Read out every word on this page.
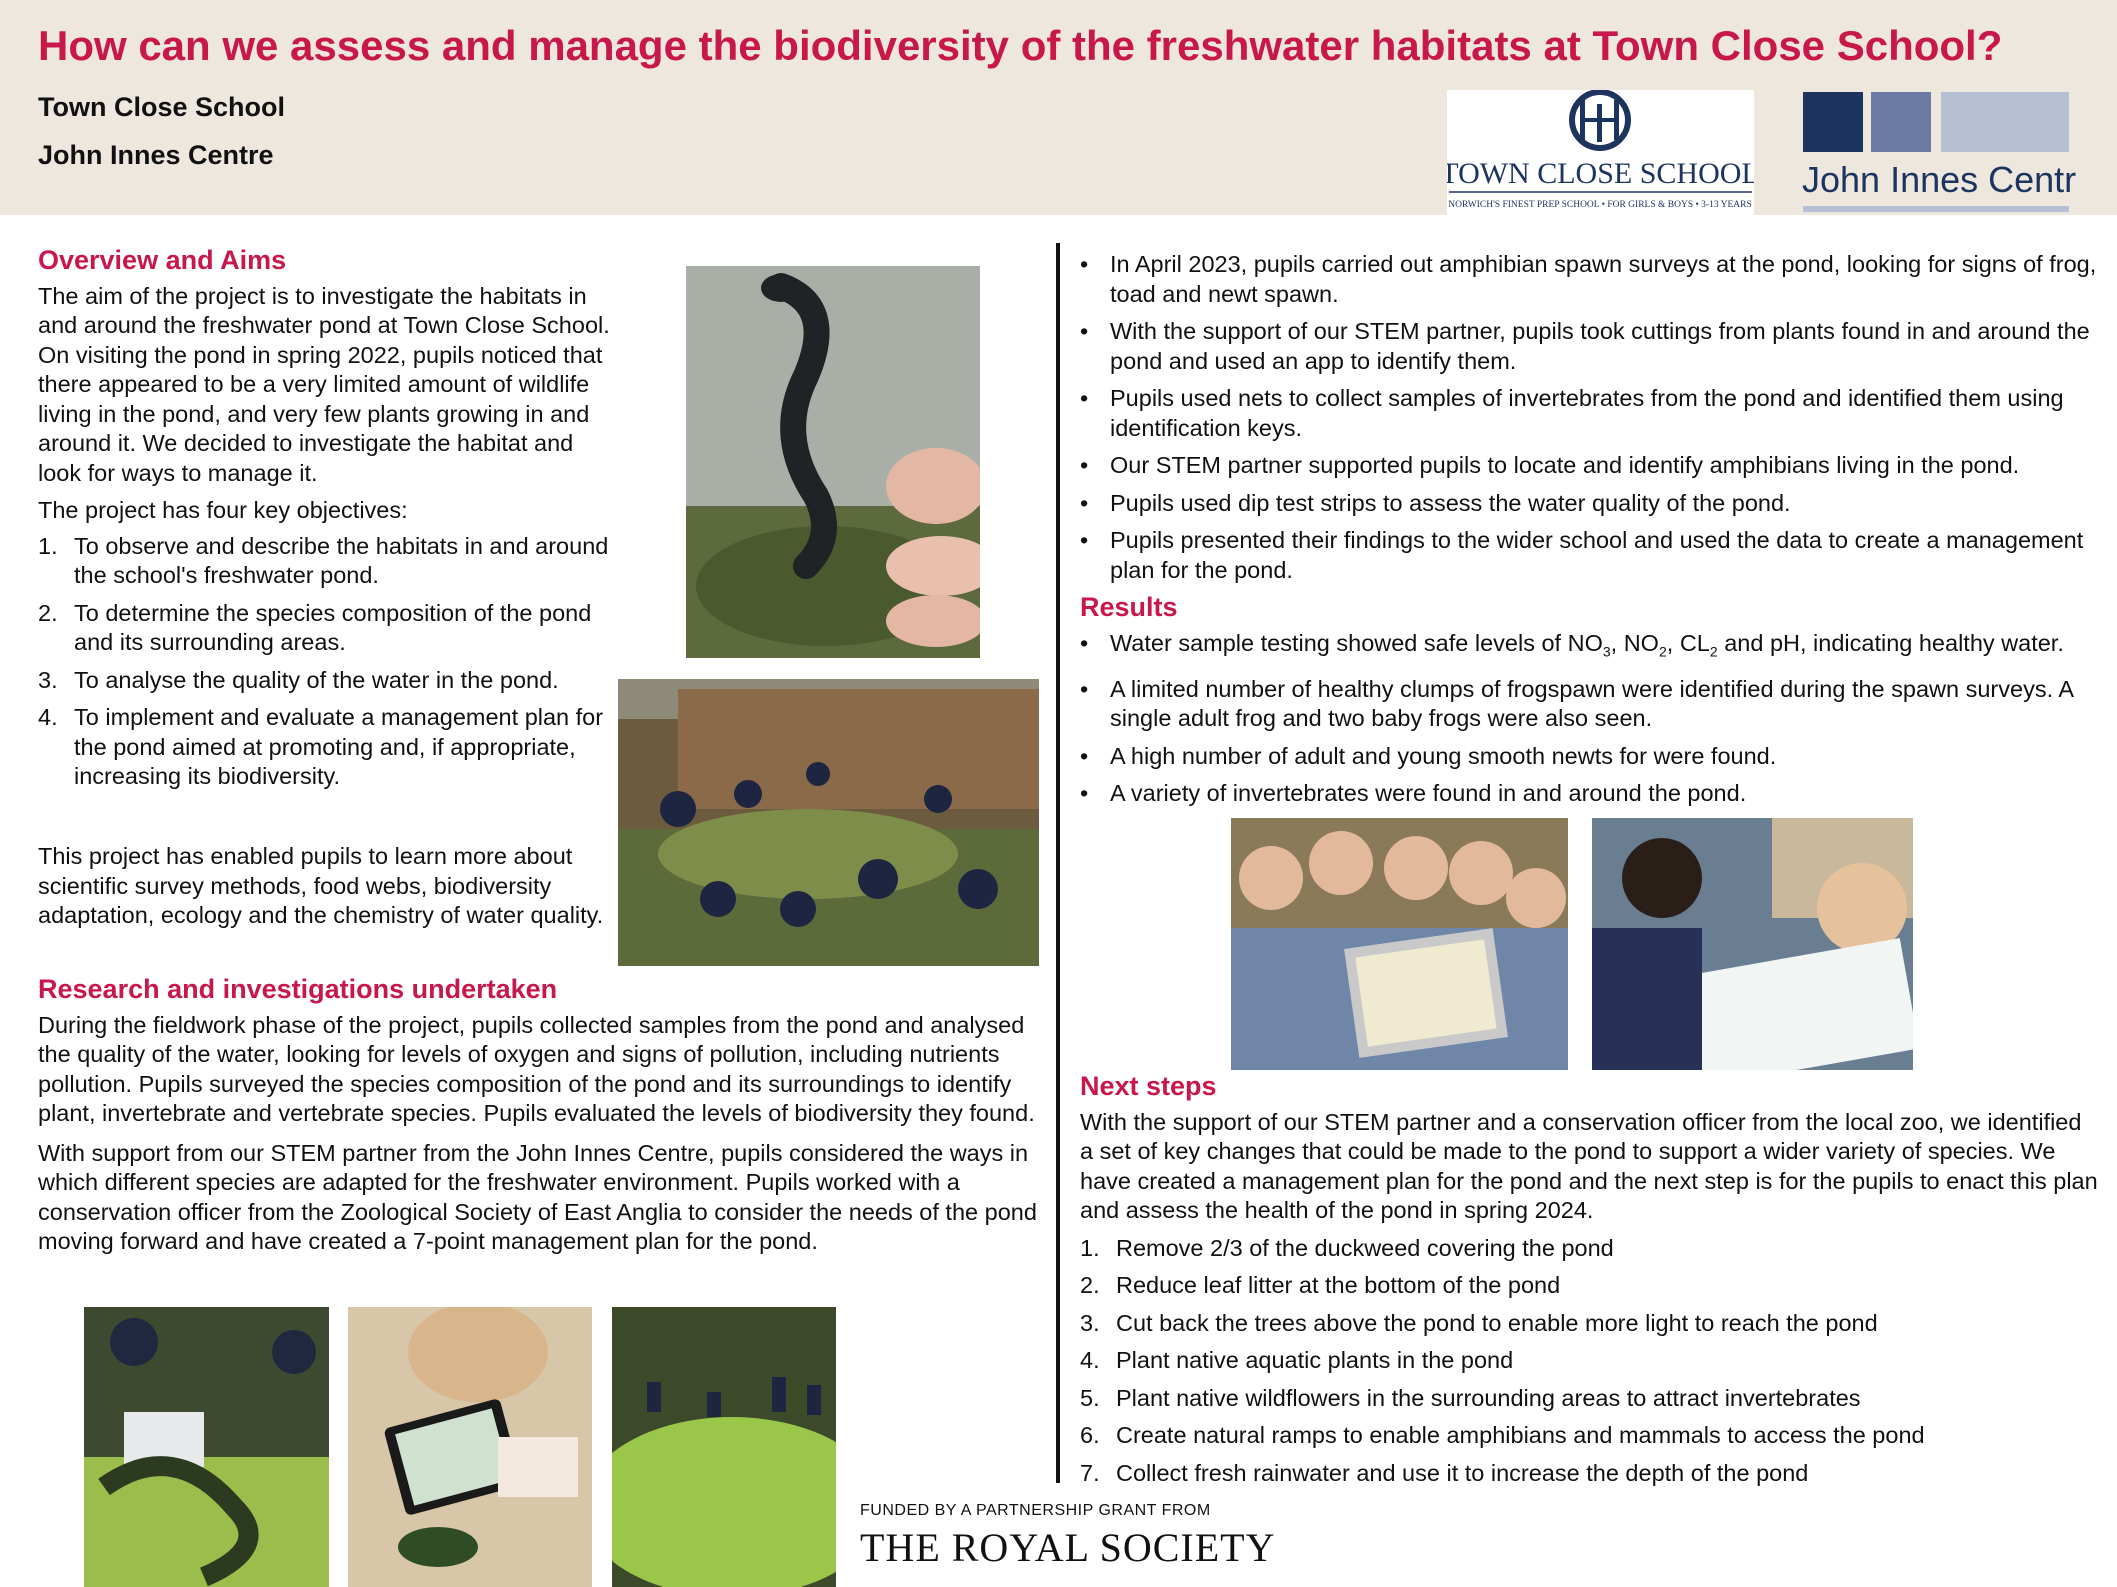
How can we assess and manage the biodiversity of the freshwater habitats at Town Close School?
Town Close School
John Innes Centre
TOWN CLOSE SCHOOL
NORWICH'S FINEST PREP SCHOOL • FOR GIRLS & BOYS • 3-13 YEARS
John Innes Centre
Overview and Aims

The aim of the project is to investigate the habitats in and around the freshwater pond at Town Close School. On visiting the pond in spring 2022, pupils noticed that there appeared to be a very limited amount of wildlife living in the pond, and very few plants growing in and around it. We decided to investigate the habitat and look for ways to manage it.

The project has four key objectives:

1. To observe and describe the habitats in and around the school's freshwater pond.
2. To determine the species composition of the pond and its surrounding areas.
3. To analyse the quality of the water in the pond.
4. To implement and evaluate a management plan for the pond aimed at promoting and, if appropriate, increasing its biodiversity.

This project has enabled pupils to learn more about scientific survey methods, food webs, biodiversity adaptation, ecology and the chemistry of water quality.

Research and investigations undertaken

During the fieldwork phase of the project, pupils collected samples from the pond and analysed the quality of the water, looking for levels of oxygen and signs of pollution, including nutrients pollution. Pupils surveyed the species composition of the pond and its surroundings to identify plant, invertebrate and vertebrate species. Pupils evaluated the levels of biodiversity they found.

With support from our STEM partner from the John Innes Centre, pupils considered the ways in which different species are adapted for the freshwater environment. Pupils worked with a conservation officer from the Zoological Society of East Anglia to consider the needs of the pond moving forward and have created a 7-point management plan for the pond.

• In April 2023, pupils carried out amphibian spawn surveys at the pond, looking for signs of frog, toad and newt spawn.
• With the support of our STEM partner, pupils took cuttings from plants found in and around the pond and used an app to identify them.
• Pupils used nets to collect samples of invertebrates from the pond and identified them using identification keys.
• Our STEM partner supported pupils to locate and identify amphibians living in the pond.
• Pupils used dip test strips to assess the water quality of the pond.
• Pupils presented their findings to the wider school and used the data to create a management plan for the pond.
Results
• Water sample testing showed safe levels of $NO_3$, $NO_2$, $CL_2$ and pH, indicating healthy water.
• A limited number of healthy clumps of frogspawn were identified during the spawn surveys. A single adult frog and two baby frogs were also seen.
• A high number of adult and young smooth newts for were found.
• A variety of invertebrates were found in and around the pond.
Next steps

With the support of our STEM partner and a conservation officer from the local zoo, we identified a set of key changes that could be made to the pond to support a wider variety of species. We have created a management plan for the pond and the next step is for the pupils to enact this plan and assess the health of the pond in spring 2024.

1. Remove 2/3 of the duckweed covering the pond
2. Reduce leaf litter at the bottom of the pond
3. Cut back the trees above the pond to enable more light to reach the pond
4. Plant native aquatic plants in the pond
5. Plant native wildflowers in the surrounding areas to attract invertebrates
6. Create natural ramps to enable amphibians and mammals to access the pond
7. Collect fresh rainwater and use it to increase the depth of the pond
FUNDED BY A PARTNERSHIP GRANT FROM
THE ROYAL SOCIETY
